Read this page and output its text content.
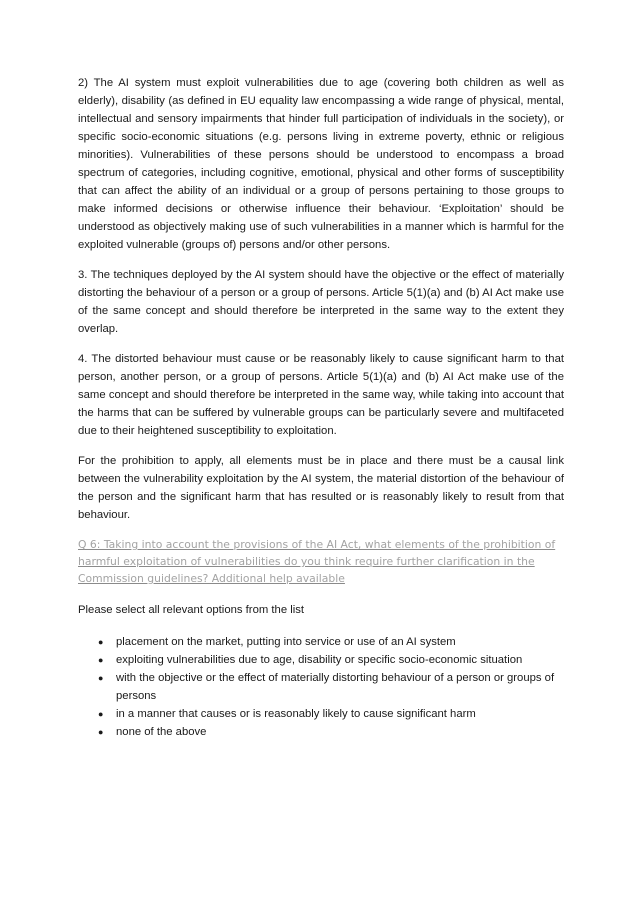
2) The AI system must exploit vulnerabilities due to age (covering both children as well as elderly), disability (as defined in EU equality law encompassing a wide range of physical, mental, intellectual and sensory impairments that hinder full participation of individuals in the society), or specific socio-economic situations (e.g. persons living in extreme poverty, ethnic or religious minorities). Vulnerabilities of these persons should be understood to encompass a broad spectrum of categories, including cognitive, emotional, physical and other forms of susceptibility that can affect the ability of an individual or a group of persons pertaining to those groups to make informed decisions or otherwise influence their behaviour. ‘Exploitation’ should be understood as objectively making use of such vulnerabilities in a manner which is harmful for the exploited vulnerable (groups of) persons and/or other persons.

3. The techniques deployed by the AI system should have the objective or the effect of materially distorting the behaviour of a person or a group of persons. Article 5(1)(a) and (b) AI Act make use of the same concept and should therefore be interpreted in the same way to the extent they overlap.

4. The distorted behaviour must cause or be reasonably likely to cause significant harm to that person, another person, or a group of persons. Article 5(1)(a) and (b) AI Act make use of the same concept and should therefore be interpreted in the same way, while taking into account that the harms that can be suffered by vulnerable groups can be particularly severe and multifaceted due to their heightened susceptibility to exploitation.

For the prohibition to apply, all elements must be in place and there must be a causal link between the vulnerability exploitation by the AI system, the material distortion of the behaviour of the person and the significant harm that has resulted or is reasonably likely to result from that behaviour.

Q 6: Taking into account the provisions of the AI Act, what elements of the prohibition of harmful exploitation of vulnerabilities do you think require further clarification in the Commission guidelines? Additional help available
Please select all relevant options from the list
● placement on the market, putting into service or use of an AI system
● exploiting vulnerabilities due to age, disability or specific socio-economic situation
● with the objective or the effect of materially distorting behaviour of a person or groups of persons
● in a manner that causes or is reasonably likely to cause significant harm
● none of the above
